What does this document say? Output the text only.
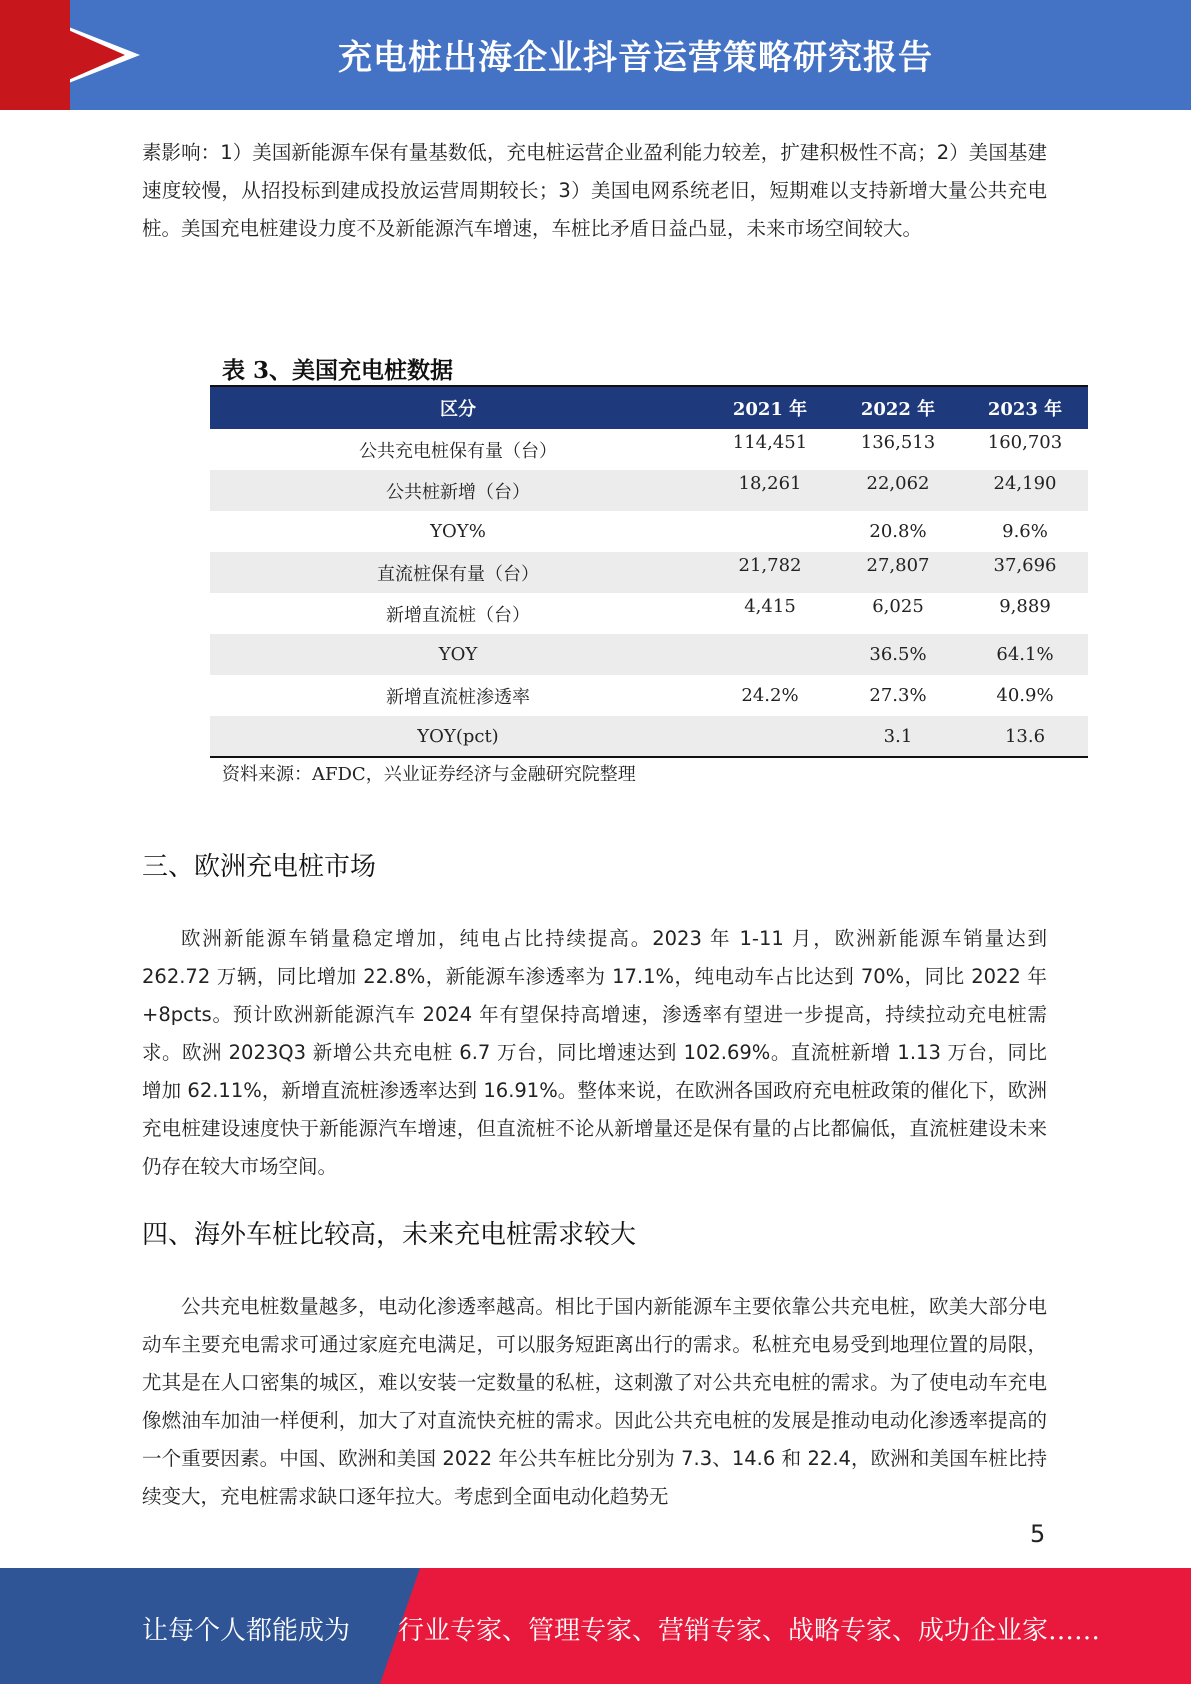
充电桩出海企业抖音运营策略研究报告
素影响：1）美国新能源车保有量基数低，充电桩运营企业盈利能力较差，扩建积极性不高；2）美国基建速度较慢，从招投标到建成投放运营周期较长；3）美国电网系统老旧，短期难以支持新增大量公共充电桩。美国充电桩建设力度不及新能源汽车增速，车桩比矛盾日益凸显，未来市场空间较大。
表 3、美国充电桩数据
区分	2021 年	2022 年	2023 年
公共充电桩保有量（台）	114,451	136,513	160,703
公共桩新增（台）	18,261	22,062	24,190
YOY%		20.8%	9.6%
直流桩保有量（台）	21,782	27,807	37,696
新增直流桩（台）	4,415	6,025	9,889
YOY		36.5%	64.1%
新增直流桩渗透率	24.2%	27.3%	40.9%
YOY(pct)		3.1	13.6
资料来源：AFDC，兴业证券经济与金融研究院整理
三、欧洲充电桩市场
欧洲新能源车销量稳定增加，纯电占比持续提高。2023 年 1-11 月，欧洲新能源车销量达到 262.72 万辆，同比增加 22.8%，新能源车渗透率为 17.1%，纯电动车占比达到 70%，同比 2022 年 +8pcts。预计欧洲新能源汽车 2024 年有望保持高增速，渗透率有望进一步提高，持续拉动充电桩需求。欧洲 2023Q3 新增公共充电桩 6.7 万台，同比增速达到 102.69%。直流桩新增 1.13 万台，同比增加 62.11%，新增直流桩渗透率达到 16.91%。整体来说，在欧洲各国政府充电桩政策的催化下，欧洲充电桩建设速度快于新能源汽车增速，但直流桩不论从新增量还是保有量的占比都偏低，直流桩建设未来仍存在较大市场空间。
四、海外车桩比较高，未来充电桩需求较大
公共充电桩数量越多，电动化渗透率越高。相比于国内新能源车主要依靠公共充电桩，欧美大部分电动车主要充电需求可通过家庭充电满足，可以服务短距离出行的需求。私桩充电易受到地理位置的局限，尤其是在人口密集的城区，难以安装一定数量的私桩，这刺激了对公共充电桩的需求。为了使电动车充电像燃油车加油一样便利，加大了对直流快充桩的需求。因此公共充电桩的发展是推动电动化渗透率提高的一个重要因素。中国、欧洲和美国 2022 年公共车桩比分别为 7.3、14.6 和 22.4，欧洲和美国车桩比持续变大，充电桩需求缺口逐年拉大。考虑到全面电动化趋势无
5
让每个人都能成为 行业专家、管理专家、营销专家、战略专家、成功企业家……
